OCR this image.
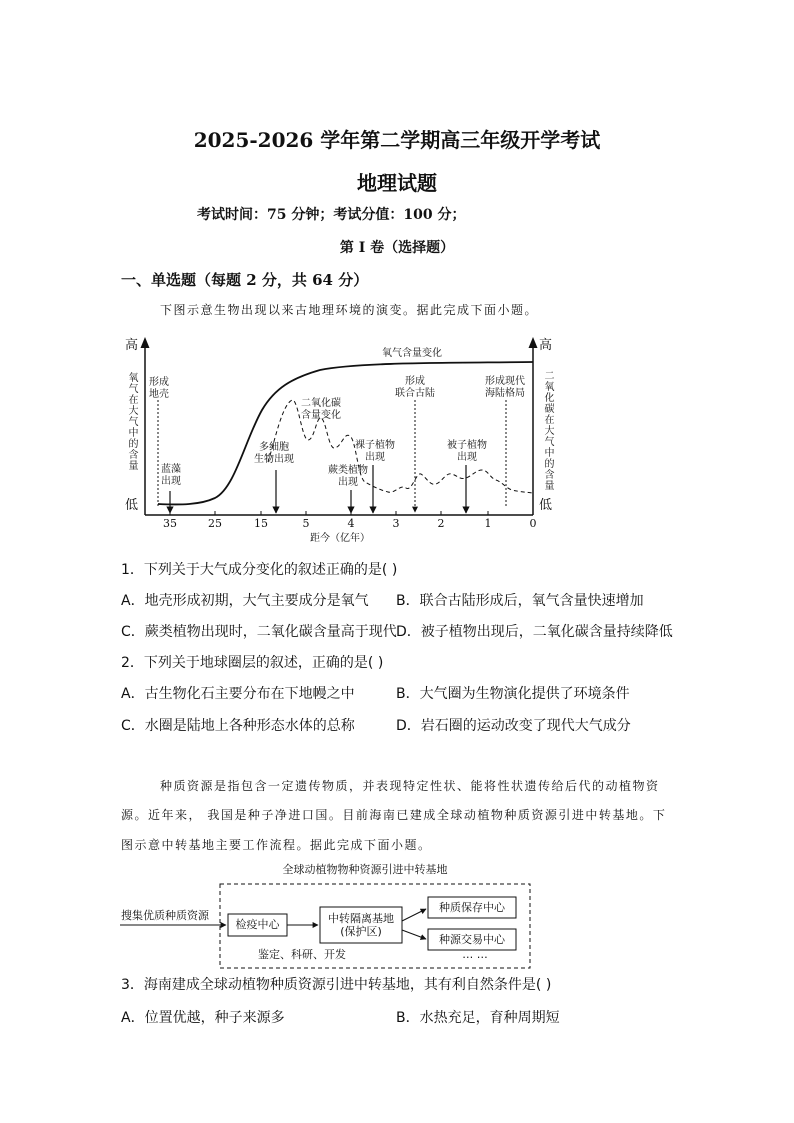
2025-2026 学年第二学期高三年级开学考试
地理试题
考试时间：75 分钟；考试分值：100 分；
第 I 卷（选择题）
一、单选题（每题 2 分，共 64 分）
下图示意生物出现以来古地理环境的演变。据此完成下面小题。
高
低
氧气在大气中的含量
高
低
二氧化碳在大气中的含量
35	25	15	5	4	3	2	1	0
距今（亿年）
氧气含量变化
二氧化碳
含量变化
形成
地壳
蓝藻
出现
多细胞
生物出现
蕨类植物
出现
裸子植物
出现
形成
联合古陆
被子植物
出现
形成现代
海陆格局
1．下列关于大气成分变化的叙述正确的是( )
A．地壳形成初期，大气主要成分是氧气 B．联合古陆形成后，氧气含量快速增加
C．蕨类植物出现时，二氧化碳含量高于现代 D．被子植物出现后，二氧化碳含量持续降低
2．下列关于地球圈层的叙述，正确的是( )
A．古生物化石主要分布在下地幔之中	B．大气圈为生物演化提供了环境条件
C．水圈是陆地上各种形态水体的总称	D．岩石圈的运动改变了现代大气成分
种质资源是指包含一定遗传物质，并表现特定性状、能将性状遗传给后代的动植物资
源。近年来， 我国是种子净进口国。目前海南已建成全球动植物种质资源引进中转基地。下
图示意中转基地主要工作流程。据此完成下面小题。
全球动植物物种资源引进中转基地
搜集优质种质资源
检疫中心	中转隔离基地
(保护区)
种质保存中心
种源交易中心
鉴定、科研、开发	… …
3．海南建成全球动植物种质资源引进中转基地，其有利自然条件是( )
A．位置优越，种子来源多	B．水热充足，育种周期短
